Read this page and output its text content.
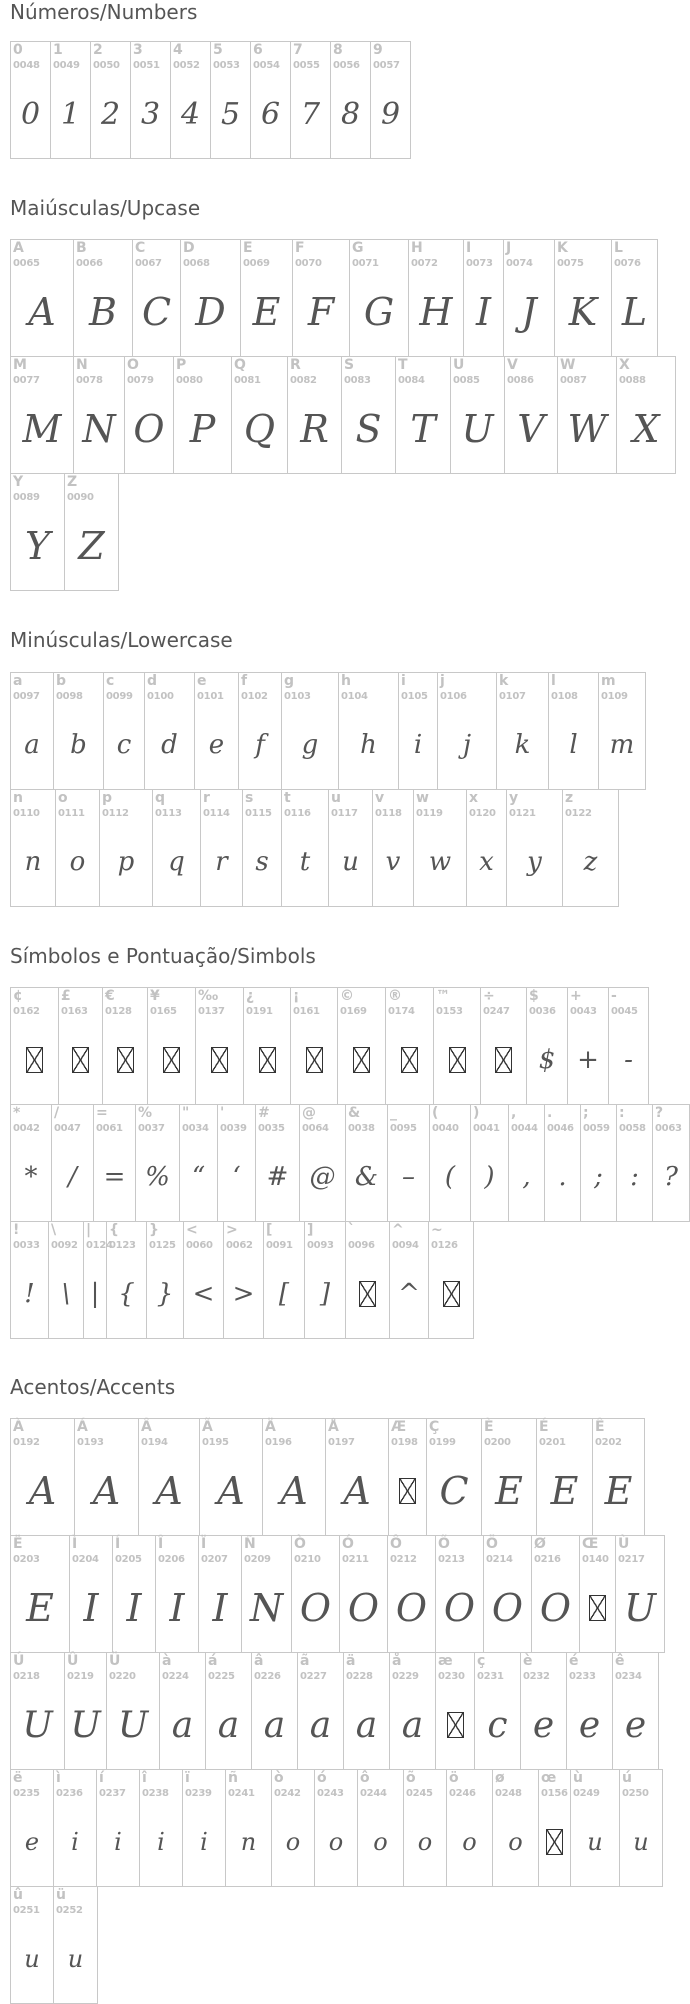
Números/Numbers
0
0048
0
1
0049
1
2
0050
2
3
0051
3
4
0052
4
5
0053
5
6
0054
6
7
0055
7
8
0056
8
9
0057
9
Maiúsculas/Upcase
A
0065
A
B
0066
B
C
0067
C
D
0068
D
E
0069
E
F
0070
F
G
0071
G
H
0072
H
I
0073
I
J
0074
J
K
0075
K
L
0076
L
M
0077
M
N
0078
N
O
0079
O
P
0080
P
Q
0081
Q
R
0082
R
S
0083
S
T
0084
T
U
0085
U
V
0086
V
W
0087
W
X
0088
X
Y
0089
Y
Z
0090
Z
Minúsculas/Lowercase
a
0097
a
b
0098
b
c
0099
c
d
0100
d
e
0101
e
f
0102
f
g
0103
g
h
0104
h
i
0105
i
j
0106
j
k
0107
k
l
0108
l
m
0109
m
n
0110
n
o
0111
o
p
0112
p
q
0113
q
r
0114
r
s
0115
s
t
0116
t
u
0117
u
v
0118
v
w
0119
w
x
0120
x
y
0121
y
z
0122
z
Símbolos e Pontuação/Simbols
¢
0162
£
0163
€
0128
¥
0165
‰
0137
¿
0191
¡
0161
©
0169
®
0174
™
0153
÷
0247
$
0036
$
+
0043
+
-
0045
-
*
0042
*
/
0047
/
=
0061
=
%
0037
%
"
0034
“
'
0039
‘
#
0035
#
@
0064
@
&
0038
&
_
0095
–
(
0040
(
)
0041
)
,
0044
,
.
0046
.
;
0059
;
:
0058
:
?
0063
?
!
0033
!
\
0092
\
|
0124
|
{
0123
{
}
0125
}
<
0060
<
>
0062
>
[
0091
[
]
0093
]
`
0096
^
0094
^
~
0126
Acentos/Accents
À
0192
A
Á
0193
A
Â
0194
A
Ã
0195
A
Ä
0196
A
Å
0197
A
Æ
0198
Ç
0199
C
È
0200
E
É
0201
E
Ê
0202
E
Ë
0203
E
Ì
0204
I
Í
0205
I
Î
0206
I
Ï
0207
I
Ñ
0209
N
Ò
0210
O
Ó
0211
O
Ô
0212
O
Õ
0213
O
Ö
0214
O
Ø
0216
O
Œ
0140
Ù
0217
U
Ú
0218
U
Û
0219
U
Ü
0220
U
à
0224
a
á
0225
a
â
0226
a
ã
0227
a
ä
0228
a
å
0229
a
æ
0230
ç
0231
c
è
0232
e
é
0233
e
ê
0234
e
ë
0235
e
ì
0236
i
í
0237
i
î
0238
i
ï
0239
i
ñ
0241
n
ò
0242
o
ó
0243
o
ô
0244
o
õ
0245
o
ö
0246
o
ø
0248
o
œ
0156
ù
0249
u
ú
0250
u
û
0251
u
ü
0252
u
